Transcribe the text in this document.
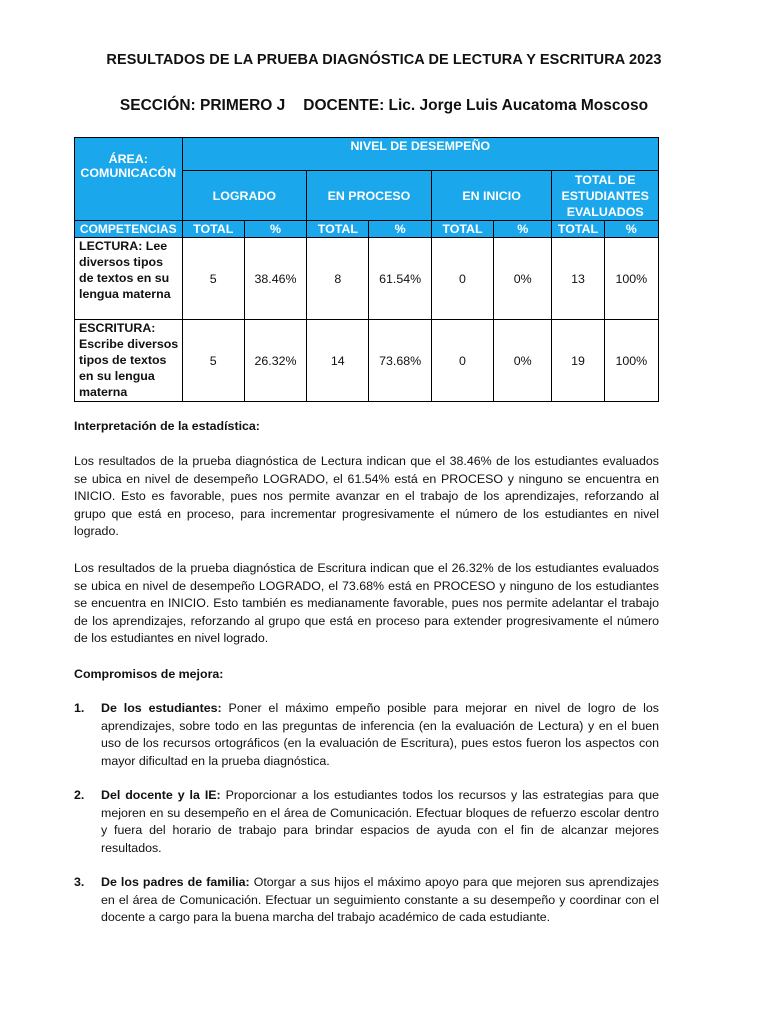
RESULTADOS DE LA PRUEBA DIAGNÓSTICA DE LECTURA Y ESCRITURA 2023
SECCIÓN: PRIMERO J DOCENTE: Lic. Jorge Luis Aucatoma Moscoso
ÁREA: COMUNICACÓN	NIVEL DE DESEMPEÑO							
	LOGRADO		EN PROCESO		EN INICIO		TOTAL DE ESTUDIANTES EVALUADOS	
COMPETENCIAS	TOTAL	%	TOTAL	%	TOTAL	%	TOTAL	%
LECTURA: Lee diversos tipos de textos en su lengua materna	5	38.46%	8	61.54%	0	0%	13	100%
ESCRITURA: Escribe diversos tipos de textos en su lengua materna	5	26.32%	14	73.68%	0	0%	19	100%
Interpretación de la estadística:
Los resultados de la prueba diagnóstica de Lectura indican que el 38.46% de los estudiantes evaluados se ubica en nivel de desempeño LOGRADO, el 61.54% está en PROCESO y ninguno se encuentra en INICIO. Esto es favorable, pues nos permite avanzar en el trabajo de los aprendizajes, reforzando al grupo que está en proceso, para incrementar progresivamente el número de los estudiantes en nivel logrado.
Los resultados de la prueba diagnóstica de Escritura indican que el 26.32% de los estudiantes evaluados se ubica en nivel de desempeño LOGRADO, el 73.68% está en PROCESO y ninguno de los estudiantes se encuentra en INICIO. Esto también es medianamente favorable, pues nos permite adelantar el trabajo de los aprendizajes, reforzando al grupo que está en proceso para extender progresivamente el número de los estudiantes en nivel logrado.
Compromisos de mejora:
1.	De los estudiantes: Poner el máximo empeño posible para mejorar en nivel de logro de los aprendizajes, sobre todo en las preguntas de inferencia (en la evaluación de Lectura) y en el buen uso de los recursos ortográficos (en la evaluación de Escritura), pues estos fueron los aspectos con mayor dificultad en la prueba diagnóstica.
2.	Del docente y la IE: Proporcionar a los estudiantes todos los recursos y las estrategias para que mejoren en su desempeño en el área de Comunicación. Efectuar bloques de refuerzo escolar dentro y fuera del horario de trabajo para brindar espacios de ayuda con el fin de alcanzar mejores resultados.
3.	De los padres de familia: Otorgar a sus hijos el máximo apoyo para que mejoren sus aprendizajes en el área de Comunicación. Efectuar un seguimiento constante a su desempeño y coordinar con el docente a cargo para la buena marcha del trabajo académico de cada estudiante.
